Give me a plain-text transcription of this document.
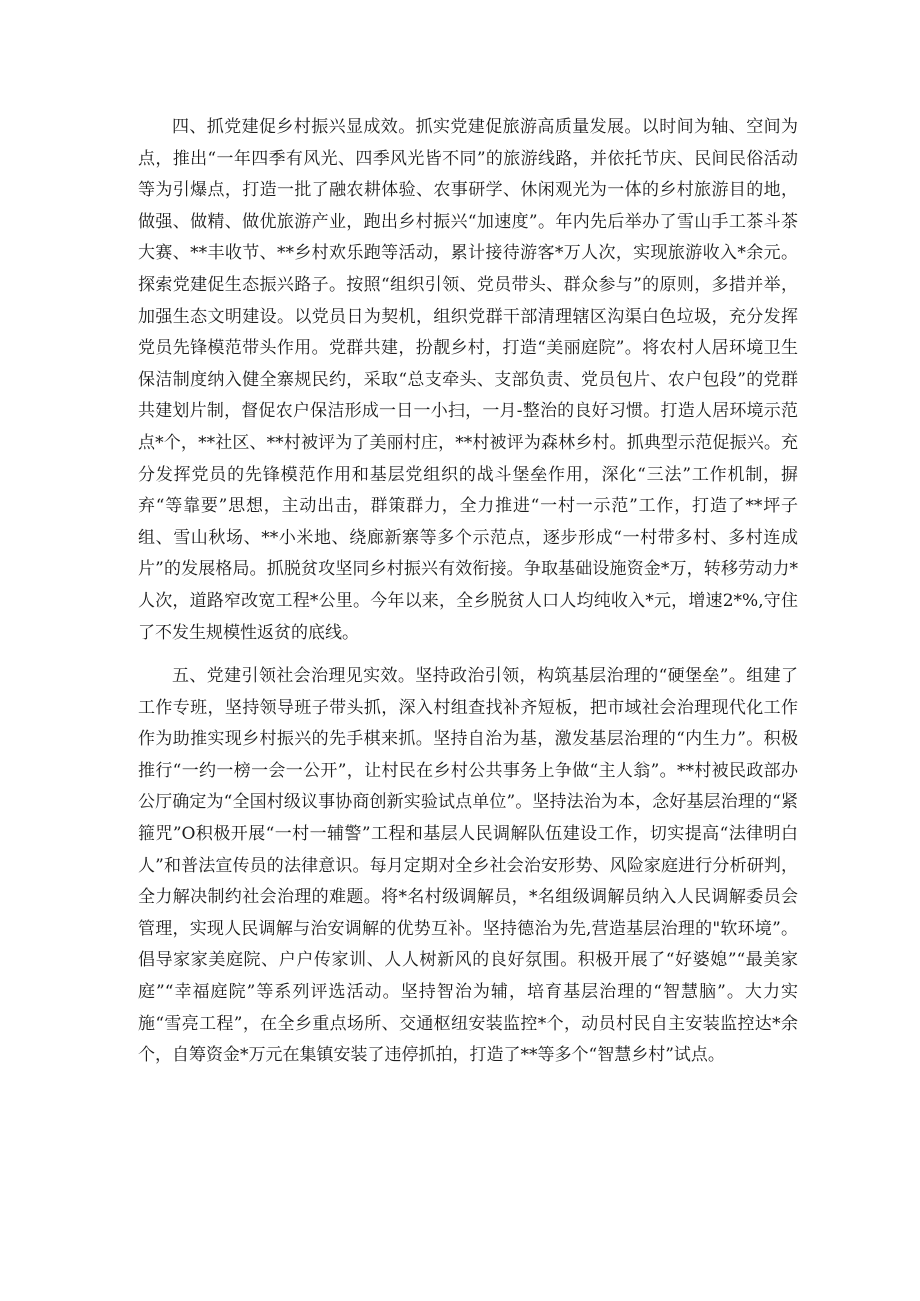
四、抓党建促乡村振兴显成效。抓实党建促旅游高质量发展。以时间为轴、空间为点，推出“一年四季有风光、四季风光皆不同”的旅游线路，并依托节庆、民间民俗活动等为引爆点，打造一批了融农耕体验、农事研学、休闲观光为一体的乡村旅游目的地，做强、做精、做优旅游产业，跑出乡村振兴“加速度”。年内先后举办了雪山手工茶斗茶大赛、**丰收节、**乡村欢乐跑等活动，累计接待游客*万人次，实现旅游收入*余元。探索党建促生态振兴路子。按照“组织引领、党员带头、群众参与”的原则，多措并举，加强生态文明建设。以党员日为契机，组织党群干部清理辖区沟渠白色垃圾，充分发挥党员先锋模范带头作用。党群共建，扮靓乡村，打造“美丽庭院”。将农村人居环境卫生保洁制度纳入健全寨规民约，采取“总支牵头、支部负责、党员包片、农户包段”的党群共建划片制，督促农户保洁形成一日一小扫，一月-整治的良好习惯。打造人居环境示范点*个，**社区、**村被评为了美丽村庄，**村被评为森林乡村。抓典型示范促振兴。充分发挥党员的先锋模范作用和基层党组织的战斗堡垒作用，深化“三法”工作机制，摒弃“等靠要”思想，主动出击，群策群力，全力推进“一村一示范”工作，打造了**坪子组、雪山秋场、**小米地、绕廊新寨等多个示范点，逐步形成“一村带多村、多村连成片”的发展格局。抓脱贫攻坚同乡村振兴有效衔接。争取基础设施资金*万，转移劳动力*人次，道路窄改宽工程*公里。今年以来，全乡脱贫人口人均纯收入*元，增速2*%,守住了不发生规模性返贫的底线。

五、党建引领社会治理见实效。坚持政治引领，构筑基层治理的“硬堡垒”。组建了工作专班，坚持领导班子带头抓，深入村组查找补齐短板，把市域社会治理现代化工作作为助推实现乡村振兴的先手棋来抓。坚持自治为基，激发基层治理的“内生力”。积极推行“一约一榜一会一公开”，让村民在乡村公共事务上争做“主人翁”。**村被民政部办公厅确定为“全国村级议事协商创新实验试点单位”。坚持法治为本，念好基层治理的“紧箍咒”O积极开展“一村一辅警”工程和基层人民调解队伍建设工作，切实提高“法律明白人”和普法宣传员的法律意识。每月定期对全乡社会治安形势、风险家庭进行分析研判，全力解决制约社会治理的难题。将*名村级调解员，*名组级调解员纳入人民调解委员会管理，实现人民调解与治安调解的优势互补。坚持德治为先,营造基层治理的"软环境”。倡导家家美庭院、户户传家训、人人树新风的良好氛围。积极开展了“好婆媳”“最美家庭”“幸福庭院”等系列评选活动。坚持智治为辅，培育基层治理的“智慧脑”。大力实施“雪亮工程”，在全乡重点场所、交通枢纽安装监控*个，动员村民自主安装监控达*余个，自筹资金*万元在集镇安装了违停抓拍，打造了**等多个“智慧乡村”试点。
